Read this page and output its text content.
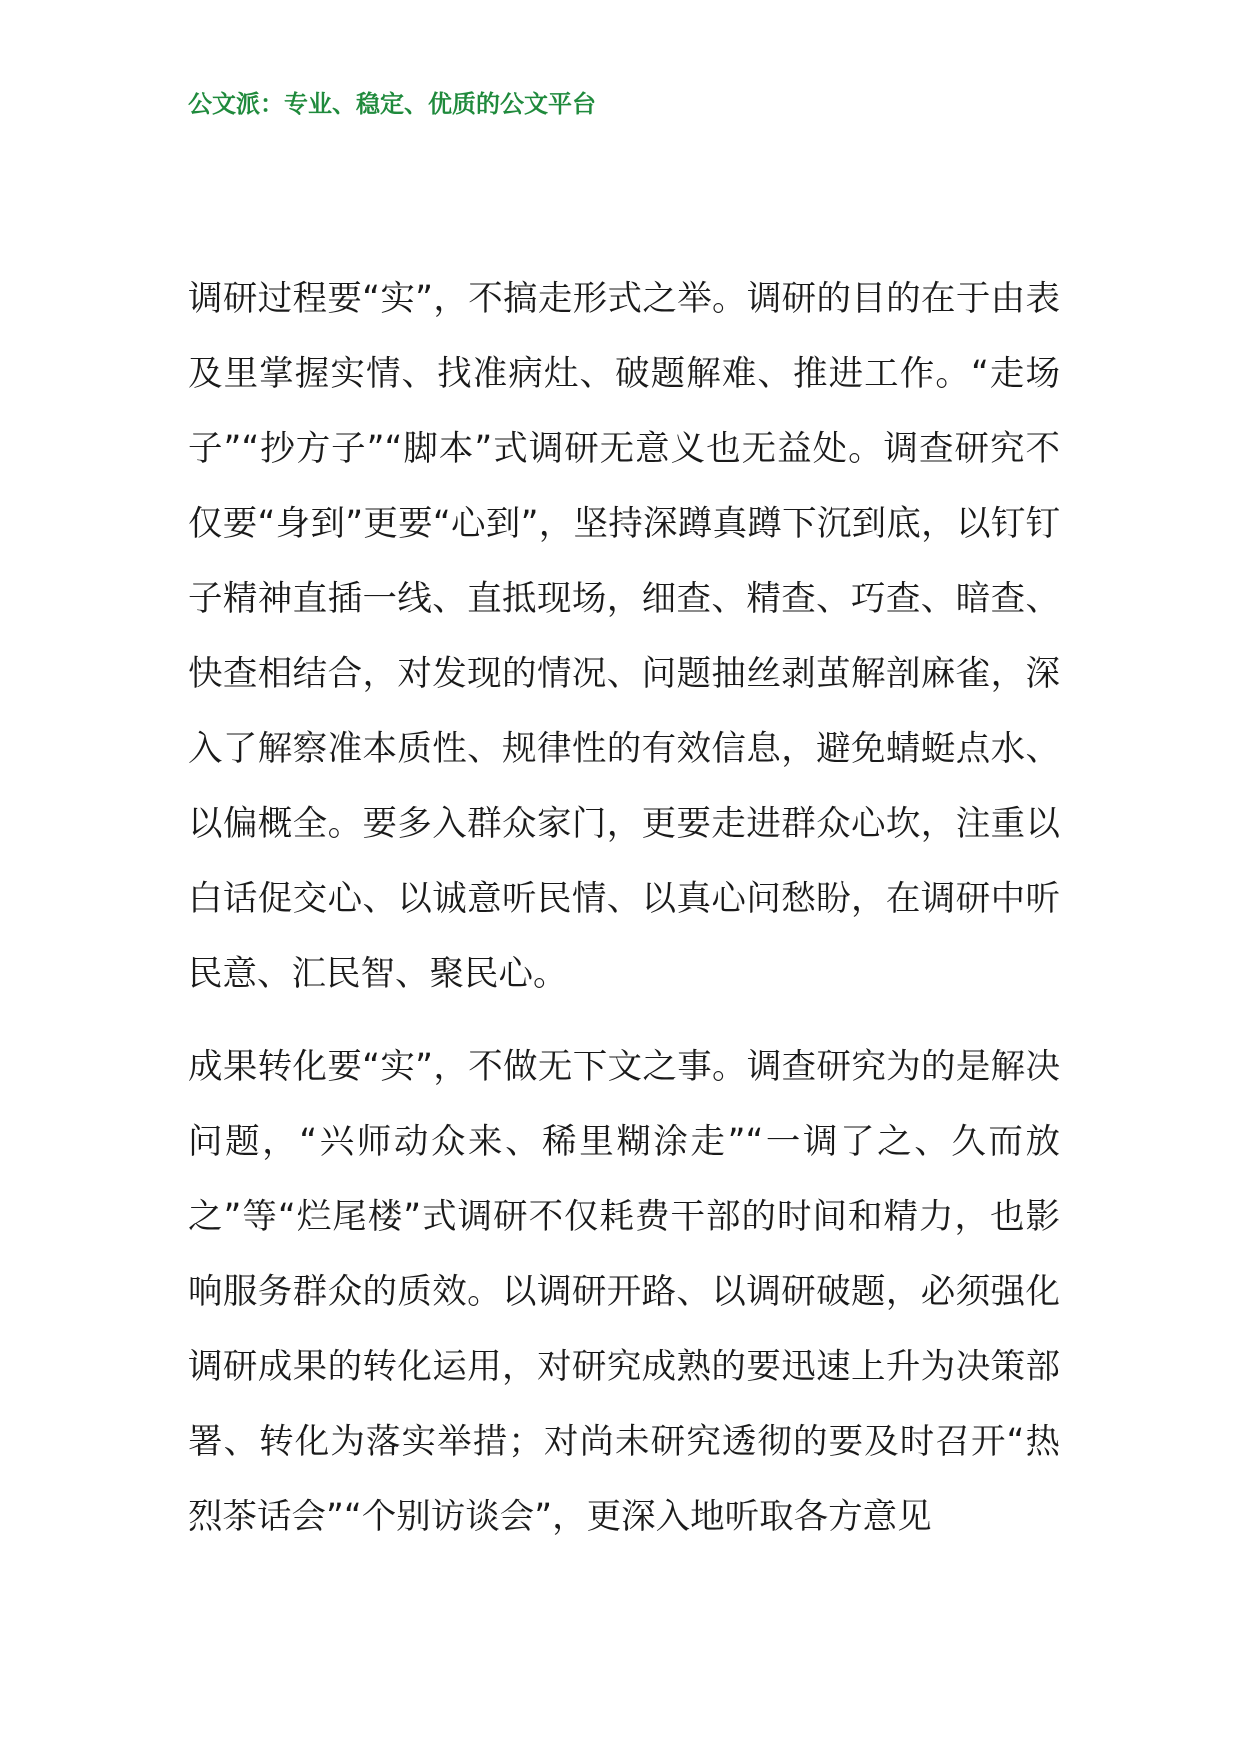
公文派：专业、稳定、优质的公文平台

调研过程要“实”，不搞走形式之举。调研的目的在于由表及里掌握实情、找准病灶、破题解难、推进工作。“走场子”“抄方子”“脚本”式调研无意义也无益处。调查研究不仅要“身到”更要“心到”，坚持深蹲真蹲下沉到底，以钉钉子精神直插一线、直抵现场，细查、精查、巧查、暗查、快查相结合，对发现的情况、问题抽丝剥茧解剖麻雀，深入了解察准本质性、规律性的有效信息，避免蜻蜓点水、以偏概全。要多入群众家门，更要走进群众心坎，注重以白话促交心、以诚意听民情、以真心问愁盼，在调研中听民意、汇民智、聚民心。

成果转化要“实”，不做无下文之事。调查研究为的是解决问题，“兴师动众来、稀里糊涂走”“一调了之、久而放之”等“烂尾楼”式调研不仅耗费干部的时间和精力，也影响服务群众的质效。以调研开路、以调研破题，必须强化调研成果的转化运用，对研究成熟的要迅速上升为决策部署、转化为落实举措；对尚未研究透彻的要及时召开“热烈茶话会”“个别访谈会”，更深入地听取各方意见
